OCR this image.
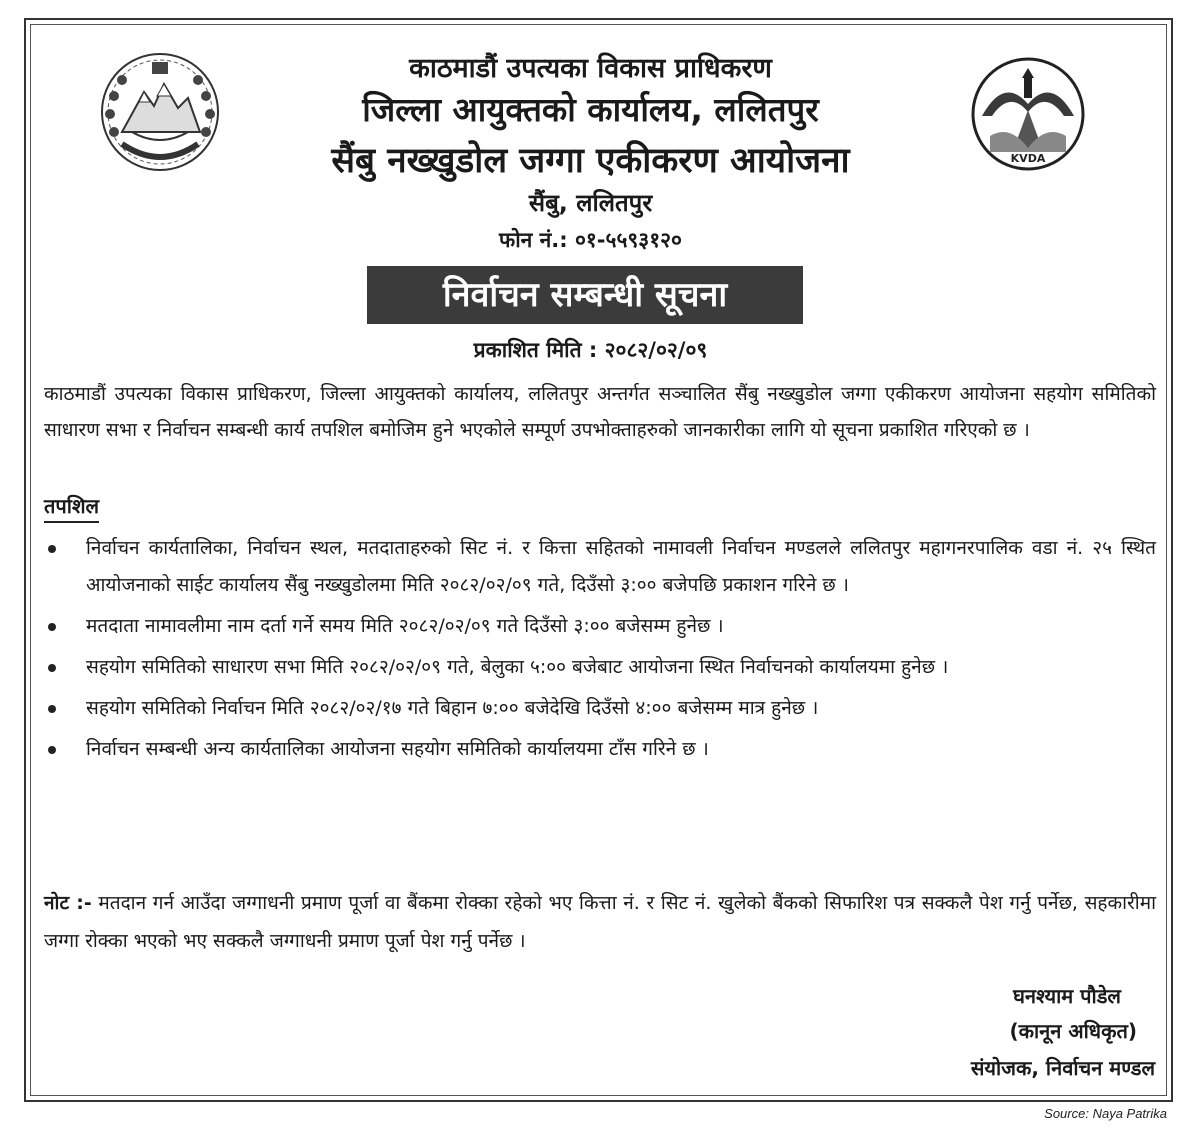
KVDA
काठमाडौं उपत्यका विकास प्राधिकरण
जिल्ला आयुक्तको कार्यालय, ललितपुर
सैंबु नख्खुडोल जग्गा एकीकरण आयोजना
सैंबु, ललितपुर
फोन नं.: ०१-५५९३१२०
निर्वाचन सम्बन्धी सूचना
प्रकाशित मिति : २०८२/०२/०९
काठमाडौं उपत्यका विकास प्राधिकरण, जिल्ला आयुक्तको कार्यालय, ललितपुर अन्तर्गत सञ्चालित सैंबु नख्खुडोल जग्गा एकीकरण आयोजना सहयोग समितिको साधारण सभा र निर्वाचन सम्बन्धी कार्य तपशिल बमोजिम हुने भएकोले सम्पूर्ण उपभोक्ताहरुको जानकारीका लागि यो सूचना प्रकाशित गरिएको छ ।
तपशिल
निर्वाचन कार्यतालिका, निर्वाचन स्थल, मतदाताहरुको सिट नं. र कित्ता सहितको नामावली निर्वाचन मण्डलले ललितपुर महागनरपालिक वडा नं. २५ स्थित आयोजनाको साईट कार्यालय सैंबु नख्खुडोलमा मिति २०८२/०२/०९ गते, दिउँसो ३:०० बजेपछि प्रकाशन गरिने छ ।
मतदाता नामावलीमा नाम दर्ता गर्ने समय मिति २०८२/०२/०९ गते दिउँसो ३:०० बजेसम्म हुनेछ ।
सहयोग समितिको साधारण सभा मिति २०८२/०२/०९ गते, बेलुका ५:०० बजेबाट आयोजना स्थित निर्वाचनको कार्यालयमा हुनेछ ।
सहयोग समितिको निर्वाचन मिति २०८२/०२/१७ गते बिहान ७:०० बजेदेखि दिउँसो ४:०० बजेसम्म मात्र हुनेछ ।
निर्वाचन सम्बन्धी अन्य कार्यतालिका आयोजना सहयोग समितिको कार्यालयमा टाँस गरिने छ ।
नोट :- मतदान गर्न आउँदा जग्गाधनी प्रमाण पूर्जा वा बैंकमा रोक्का रहेको भए कित्ता नं. र सिट नं. खुलेको बैंकको सिफारिश पत्र सक्कलै पेश गर्नु पर्नेछ, सहकारीमा जग्गा रोक्का भएको भए सक्कलै जग्गाधनी प्रमाण पूर्जा पेश गर्नु पर्नेछ ।
घनश्याम पौडेल
(कानून अधिकृत)
संयोजक, निर्वाचन मण्डल
Source: Naya Patrika
